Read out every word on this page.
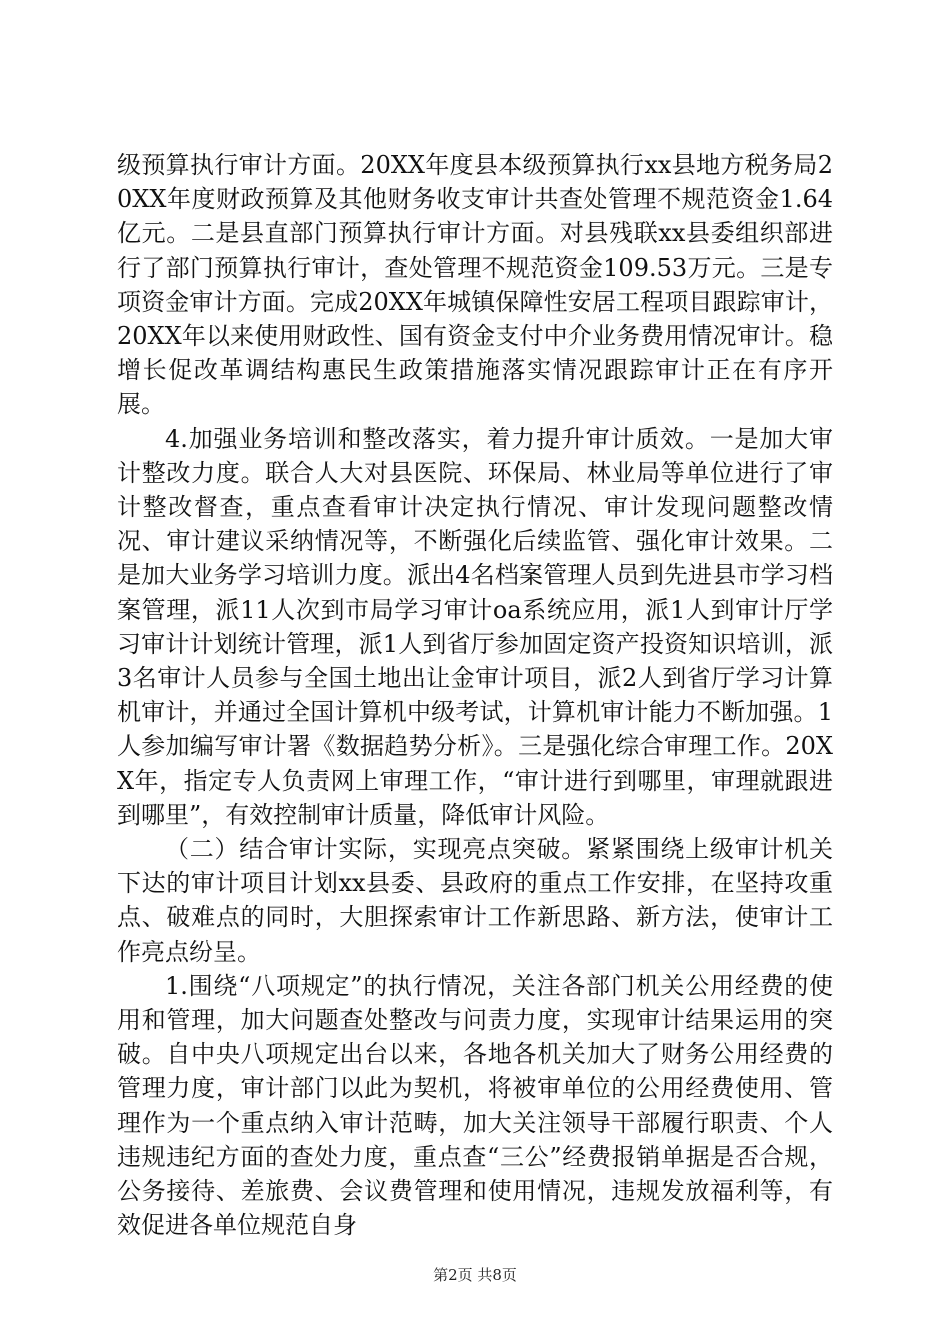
级预算执行审计方面。20XX年度县本级预算执行xx县地方税务局20XX年度财政预算及其他财务收支审计共查处管理不规范资金1.64亿元。二是县直部门预算执行审计方面。对县残联xx县委组织部进行了部门预算执行审计，查处管理不规范资金109.53万元。三是专项资金审计方面。完成20XX年城镇保障性安居工程项目跟踪审计，20XX年以来使用财政性、国有资金支付中介业务费用情况审计。稳增长促改革调结构惠民生政策措施落实情况跟踪审计正在有序开展。

4.加强业务培训和整改落实，着力提升审计质效。一是加大审计整改力度。联合人大对县医院、环保局、林业局等单位进行了审计整改督查，重点查看审计决定执行情况、审计发现问题整改情况、审计建议采纳情况等，不断强化后续监管、强化审计效果。二是加大业务学习培训力度。派出4名档案管理人员到先进县市学习档案管理，派11人次到市局学习审计oa系统应用，派1人到审计厅学习审计计划统计管理，派1人到省厅参加固定资产投资知识培训，派3名审计人员参与全国土地出让金审计项目，派2人到省厅学习计算机审计，并通过全国计算机中级考试，计算机审计能力不断加强。1人参加编写审计署《数据趋势分析》。三是强化综合审理工作。20XX年，指定专人负责网上审理工作，“审计进行到哪里，审理就跟进到哪里”，有效控制审计质量，降低审计风险。

（二）结合审计实际，实现亮点突破。紧紧围绕上级审计机关下达的审计项目计划xx县委、县政府的重点工作安排，在坚持攻重点、破难点的同时，大胆探索审计工作新思路、新方法，使审计工作亮点纷呈。

1.围绕“八项规定”的执行情况，关注各部门机关公用经费的使用和管理，加大问题查处整改与问责力度，实现审计结果运用的突破。自中央八项规定出台以来，各地各机关加大了财务公用经费的管理力度，审计部门以此为契机，将被审单位的公用经费使用、管理作为一个重点纳入审计范畴，加大关注领导干部履行职责、个人违规违纪方面的查处力度，重点查“三公”经费报销单据是否合规，公务接待、差旅费、会议费管理和使用情况，违规发放福利等，有效促进各单位规范自身

第2页 共8页
